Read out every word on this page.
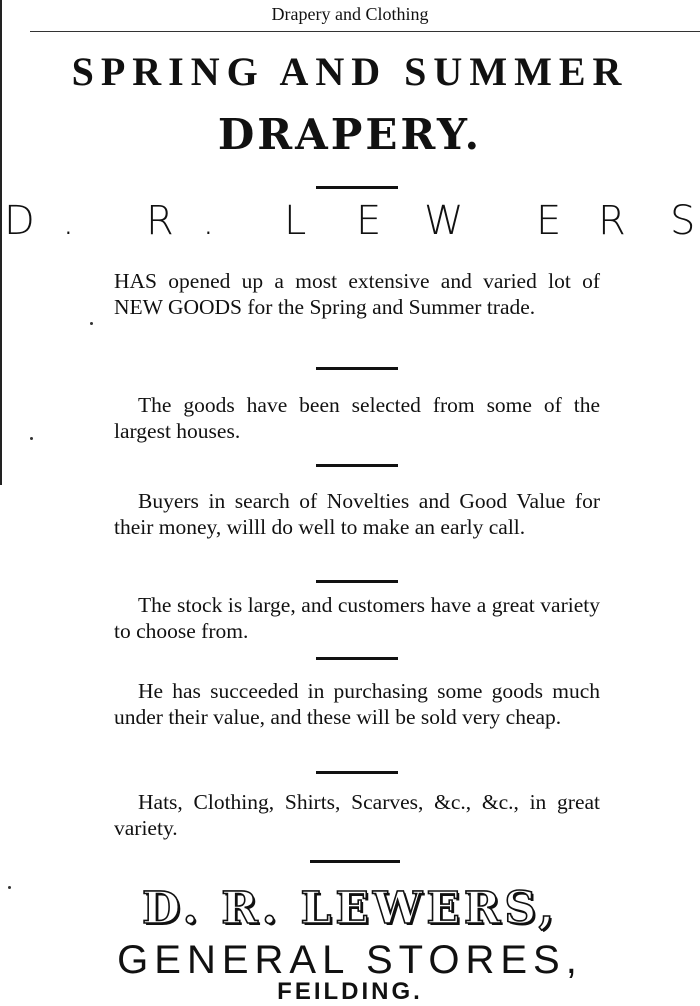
Drapery and Clothing
SPRING AND SUMMER
DRAPERY.
D . R . L E W E R S
HAS opened up a most extensive and varied lot of NEW GOODS for the Spring and Summer trade.
The goods have been selected from some of the largest houses.
Buyers in search of Novelties and Good Value for their money, willl do well to make an early call.
The stock is large, and customers have a great variety to choose from.
He has succeeded in purchasing some goods much under their value, and these will be sold very cheap.
Hats, Clothing, Shirts, Scarves, &c., &c., in great variety.
D. R. LEWERS,
GENERAL STORES,
FEILDING.
